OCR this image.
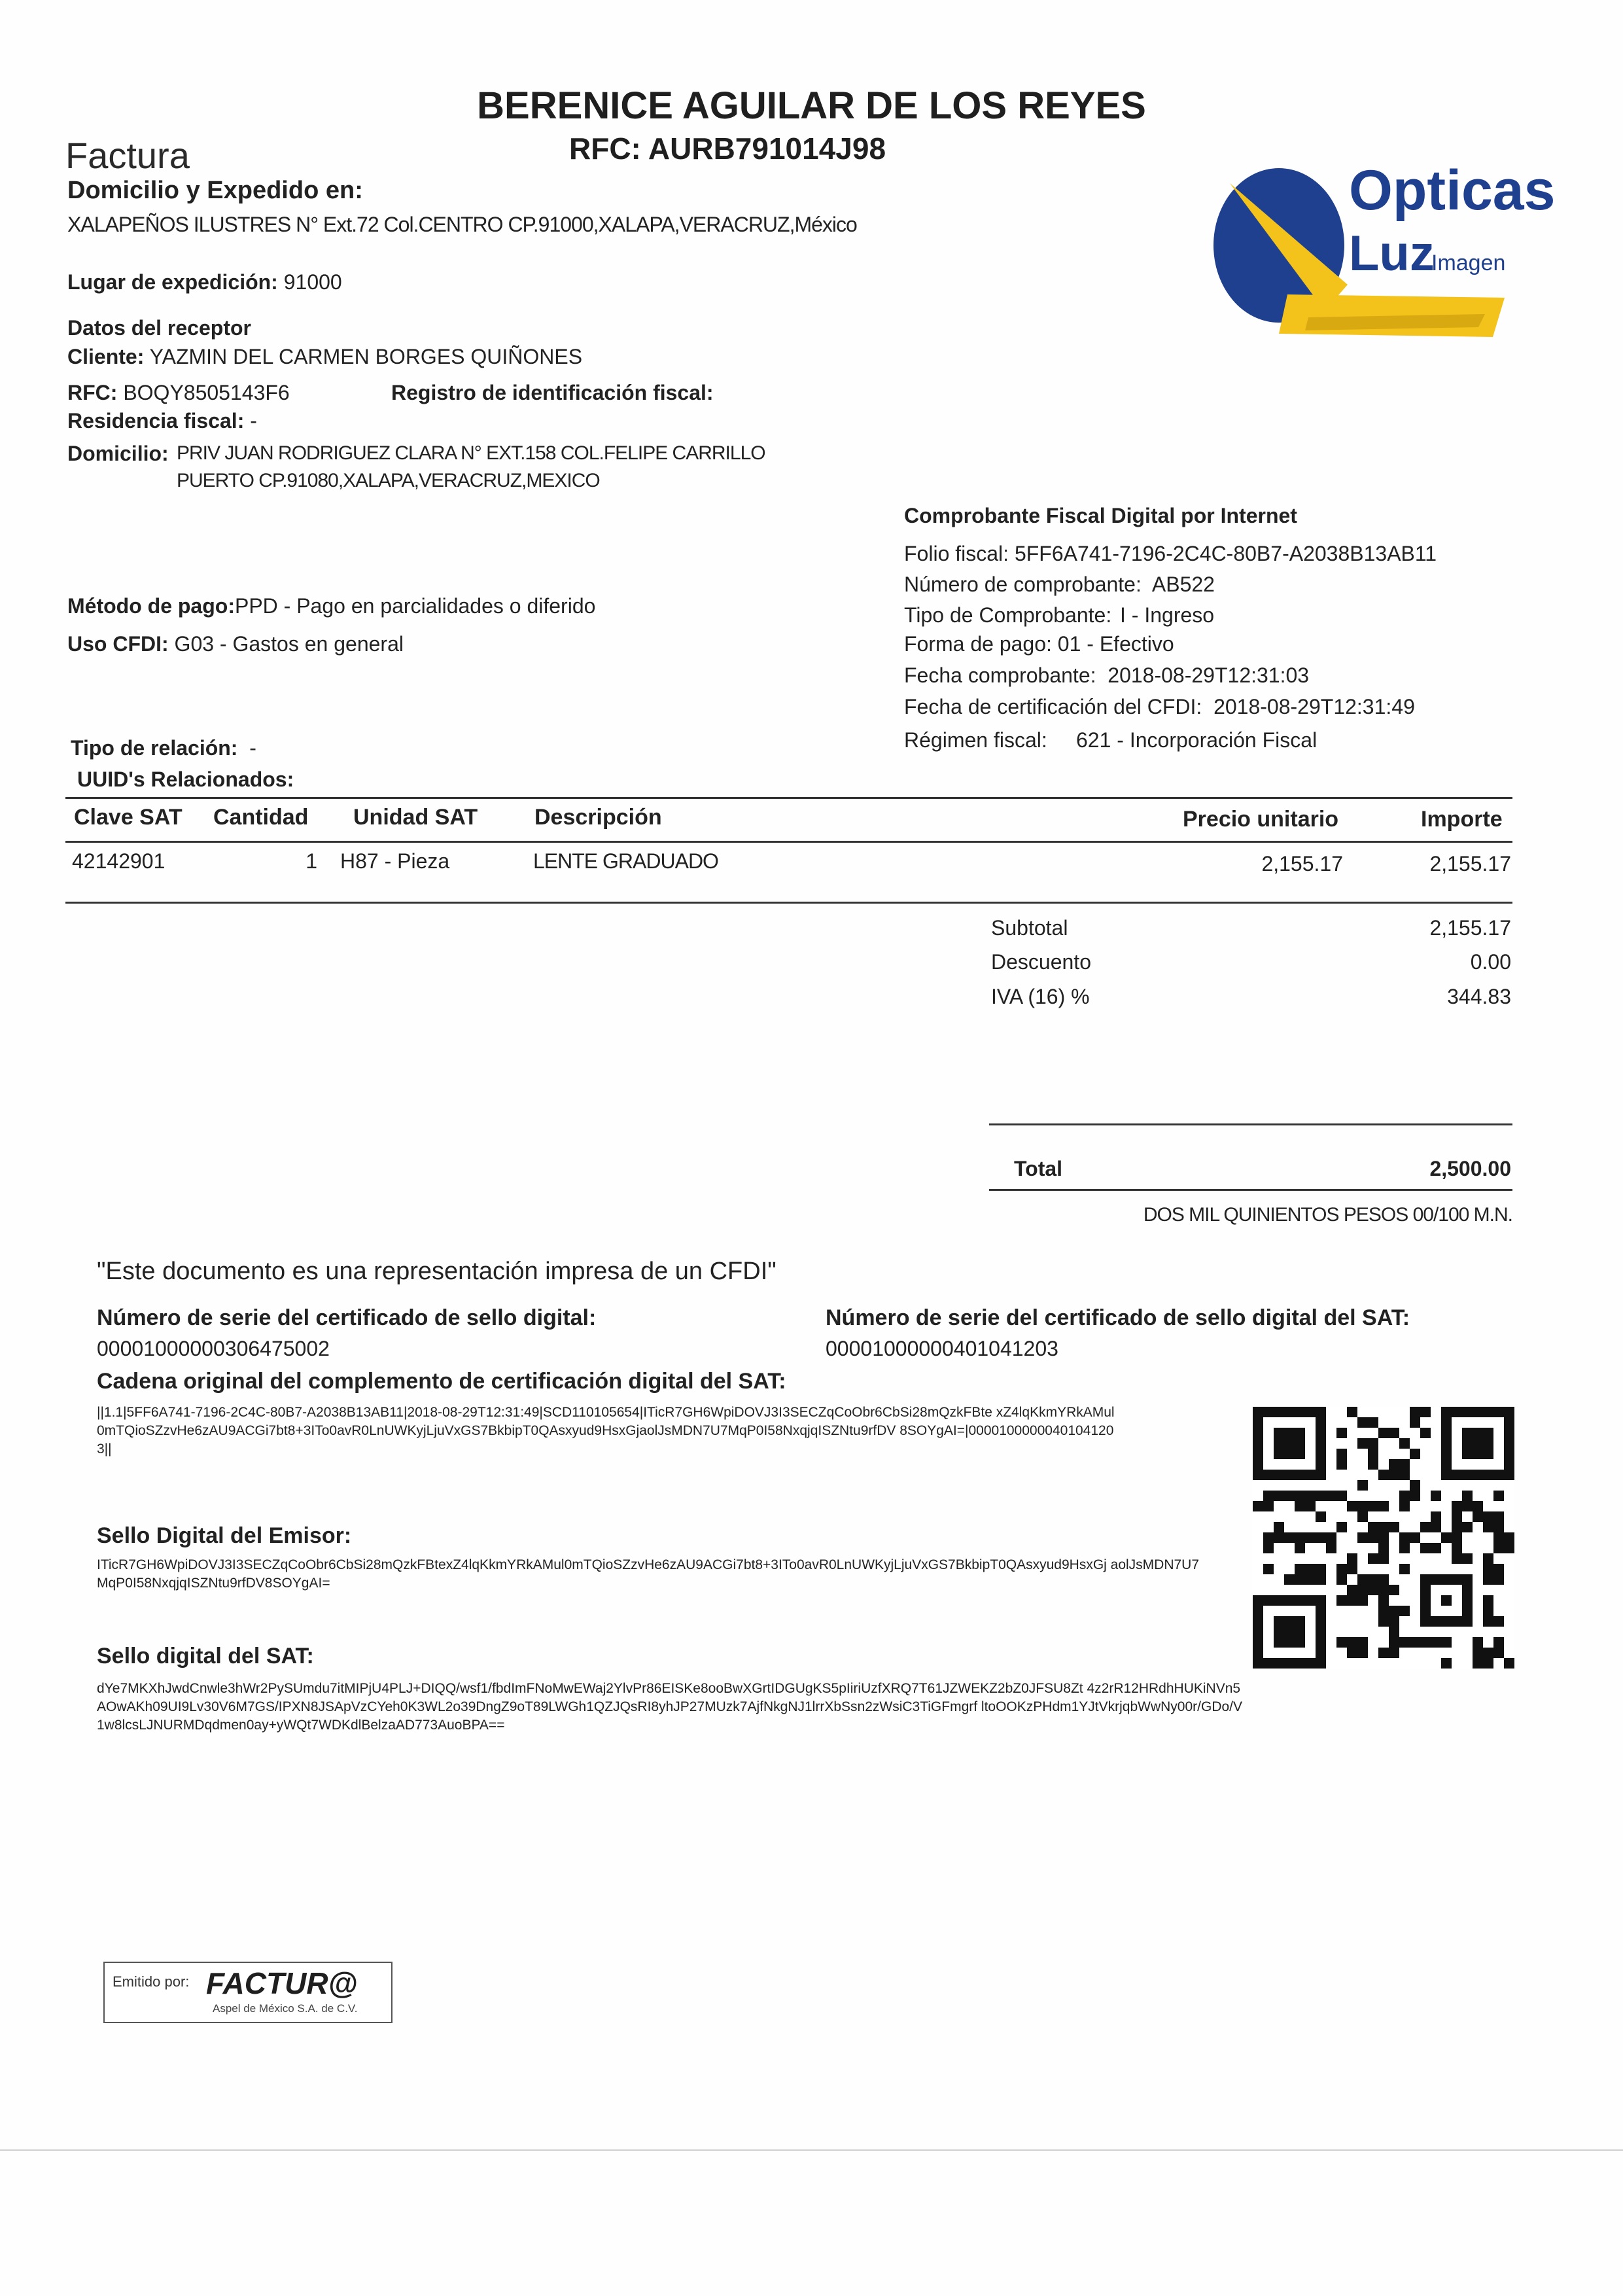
BERENICE AGUILAR DE LOS REYES
RFC: AURB791014J98
Factura
Domicilio y Expedido en:
XALAPEÑOS ILUSTRES N° Ext.72 Col.CENTRO CP.91000,XALAPA,VERACRUZ,México
Lugar de expedición: 91000
Opticas
Luz
Imagen
Datos del receptor
Cliente: YAZMIN DEL CARMEN BORGES QUIÑONES
RFC: BOQY8505143F6	Registro de identificación fiscal:
Residencia fiscal: -
Domicilio: PRIV JUAN RODRIGUEZ CLARA N° EXT.158 COL.FELIPE CARRILLO
PUERTO CP.91080,XALAPA,VERACRUZ,MEXICO
Comprobante Fiscal Digital por Internet
Folio fiscal: 5FF6A741-7196-2C4C-80B7-A2038B13AB11
Número de comprobante: AB522
Tipo de Comprobante: I - Ingreso
Forma de pago: 01 - Efectivo
Fecha comprobante: 2018-08-29T12:31:03
Fecha de certificación del CFDI: 2018-08-29T12:31:49
Régimen fiscal: 621 - Incorporación Fiscal
Método de pago:PPD - Pago en parcialidades o diferido
Uso CFDI: G03 - Gastos en general
Tipo de relación: -
UUID's Relacionados:
Clave SAT Cantidad Unidad SAT	Descripción	Precio unitario	Importe
42142901	1 H87 - Pieza	LENTE GRADUADO	2,155.17	2,155.17
Subtotal	2,155.17
Descuento	0.00
IVA (16) %	344.83
Total	2,500.00
DOS MIL QUINIENTOS PESOS 00/100 M.N.
"Este documento es una representación impresa de un CFDI"
Número de serie del certificado de sello digital:
00001000000306475002
Número de serie del certificado de sello digital del SAT:
00001000000401041203
Cadena original del complemento de certificación digital del SAT:
||1.1|5FF6A741-7196-2C4C-80B7-A2038B13AB11|2018-08-29T12:31:49|SCD110105654|ITicR7GH6WpiDOVJ3I3SECZqCoObr6CbSi28mQzkFBte xZ4lqKkmYRkAMul0mTQioSZzvHe6zAU9ACGi7bt8+3ITo0avR0LnUWKyjLjuVxGS7BkbipT0QAsxyud9HsxGjaolJsMDN7U7MqP0I58NxqjqISZNtu9rfDV 8SOYgAI=|00001000000401041203||
Sello Digital del Emisor:
ITicR7GH6WpiDOVJ3I3SECZqCoObr6CbSi28mQzkFBtexZ4lqKkmYRkAMul0mTQioSZzvHe6zAU9ACGi7bt8+3ITo0avR0LnUWKyjLjuVxGS7BkbipT0QAsxyud9HsxGj aolJsMDN7U7MqP0I58NxqjqISZNtu9rfDV8SOYgAI=
Sello digital del SAT:
dYe7MKXhJwdCnwle3hWr2PySUmdu7itMIPjU4PLJ+DIQQ/wsf1/fbdImFNoMwEWaj2YlvPr86EISKe8ooBwXGrtIDGUgKS5pIiriUzfXRQ7T61JZWEKZ2bZ0JFSU8Zt 4z2rR12HRdhHUKiNVn5AOwAKh09UI9Lv30V6M7GS/IPXN8JSApVzCYeh0K3WL2o39DngZ9oT89LWGh1QZJQsRI8yhJP27MUzk7AjfNkgNJ1lrrXbSsn2zWsiC3TiGFmgrf ltoOOKzPHdm1YJtVkrjqbWwNy00r/GDo/V1w8lcsLJNURMDqdmen0ay+yWQt7WDKdlBelzaAD773AuoBPA==
Emitido por: FACTUR@
Aspel de México S.A. de C.V.
